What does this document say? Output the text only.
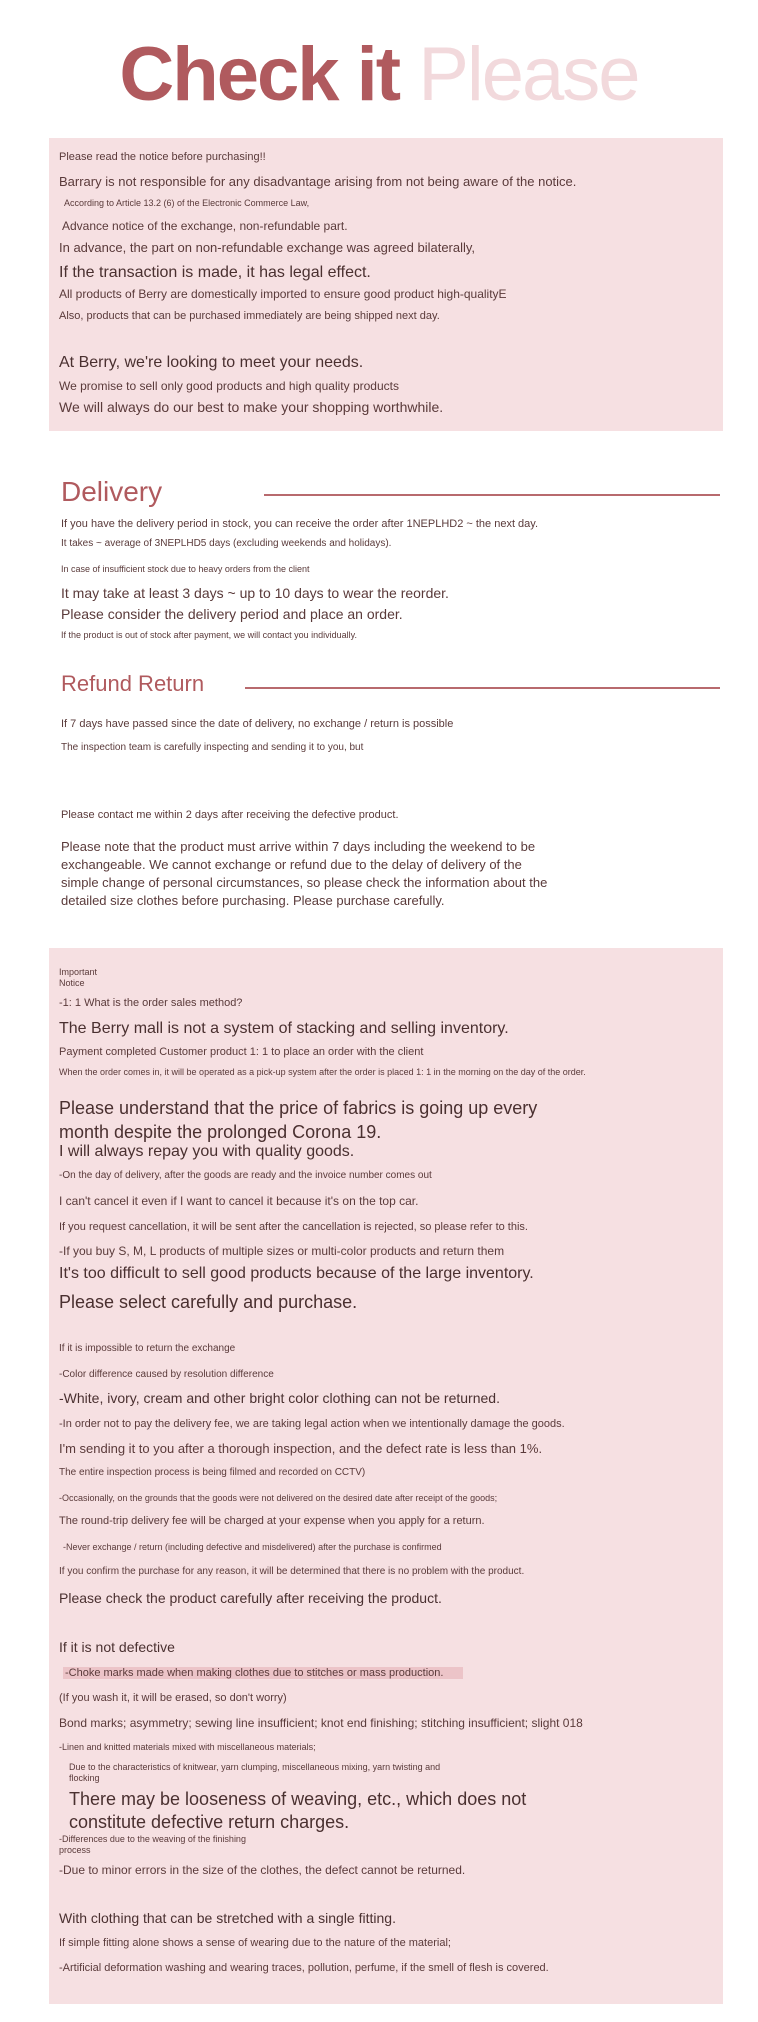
Check it Please
Please read the notice before purchasing!!
Barrary is not responsible for any disadvantage arising from not being aware of the notice.
According to Article 13.2 (6) of the Electronic Commerce Law,
Advance notice of the exchange, non-refundable part.
In advance, the part on non-refundable exchange was agreed bilaterally,
If the transaction is made, it has legal effect.
All products of Berry are domestically imported to ensure good product high-qualityE
Also, products that can be purchased immediately are being shipped next day.
At Berry, we're looking to meet your needs.
We promise to sell only good products and high quality products
We will always do our best to make your shopping worthwhile.
Delivery
If you have the delivery period in stock, you can receive the order after 1NEPLHD2 ~ the next day.
It takes ~ average of 3NEPLHD5 days (excluding weekends and holidays).
In case of insufficient stock due to heavy orders from the client
It may take at least 3 days ~ up to 10 days to wear the reorder.
Please consider the delivery period and place an order.
If the product is out of stock after payment, we will contact you individually.
Refund Return
If 7 days have passed since the date of delivery, no exchange / return is possible
The inspection team is carefully inspecting and sending it to you, but
Please contact me within 2 days after receiving the defective product.
Please note that the product must arrive within 7 days including the weekend to be exchangeable. We cannot exchange or refund due to the delay of delivery of the simple change of personal circumstances, so please check the information about the detailed size clothes before purchasing. Please purchase carefully.
Important
Notice
-1: 1 What is the order sales method?
The Berry mall is not a system of stacking and selling inventory.
Payment completed Customer product 1: 1 to place an order with the client
When the order comes in, it will be operated as a pick-up system after the order is placed 1: 1 in the morning on the day of the order.
Please understand that the price of fabrics is going up every month despite the prolonged Corona 19.
I will always repay you with quality goods.
-On the day of delivery, after the goods are ready and the invoice number comes out
I can't cancel it even if I want to cancel it because it's on the top car.
If you request cancellation, it will be sent after the cancellation is rejected, so please refer to this.
-If you buy S, M, L products of multiple sizes or multi-color products and return them
It's too difficult to sell good products because of the large inventory.
Please select carefully and purchase.
If it is impossible to return the exchange
-Color difference caused by resolution difference
-White, ivory, cream and other bright color clothing can not be returned.
-In order not to pay the delivery fee, we are taking legal action when we intentionally damage the goods.
I'm sending it to you after a thorough inspection, and the defect rate is less than 1%.
The entire inspection process is being filmed and recorded on CCTV)
-Occasionally, on the grounds that the goods were not delivered on the desired date after receipt of the goods;
The round-trip delivery fee will be charged at your expense when you apply for a return.
-Never exchange / return (including defective and misdelivered) after the purchase is confirmed
If you confirm the purchase for any reason, it will be determined that there is no problem with the product.
Please check the product carefully after receiving the product.
If it is not defective
-Choke marks made when making clothes due to stitches or mass production.
(If you wash it, it will be erased, so don't worry)
Bond marks; asymmetry; sewing line insufficient; knot end finishing; stitching insufficient; slight 018
-Linen and knitted materials mixed with miscellaneous materials;
Due to the characteristics of knitwear, yarn clumping, miscellaneous mixing, yarn twisting and flocking
There may be looseness of weaving, etc., which does not constitute defective return charges.
-Differences due to the weaving of the finishing process
-Due to minor errors in the size of the clothes, the defect cannot be returned.
With clothing that can be stretched with a single fitting.
If simple fitting alone shows a sense of wearing due to the nature of the material;
-Artificial deformation washing and wearing traces, pollution, perfume, if the smell of flesh is covered.
